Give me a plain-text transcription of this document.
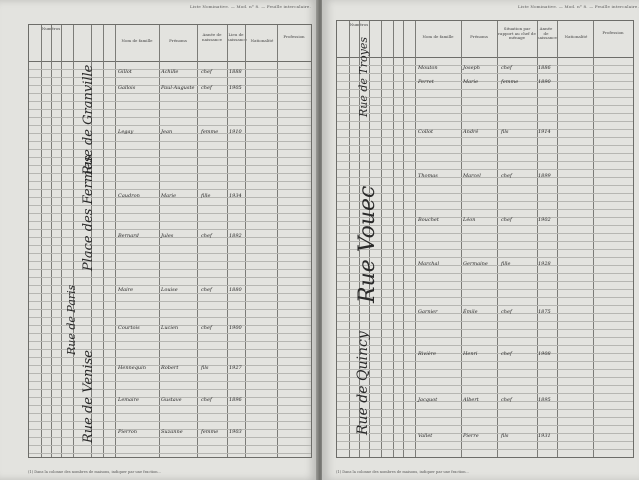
Liste Nominative. — Mod. n° 8. — Feuille intercalaire.
Numéros
Nom de famille	Prénoms
Année de naissance
Lieu de naissance Nationalité
Profession
Rue de Granville
Place des Fermes
Rue de Paris
Rue de Venise
Gillot	Achille	chef	1888
Gallois	Paul-Auguste chef	1905
Legay	Jean	femme 1910
Caudron	Marie	fille	1934
Bernard	Jules	chef	1892
Maire	Louise	chef	1880
Courtois	Lucien	chef	1900
Hennequin	Robert	fils	1927
Lemaire	Gustave	chef	1896
Pierron	Suzanne	femme 1903
(1) Dans la colonne des nombres de maisons, indiquer par une fraction...
Liste Nominative. — Mod. n° 8. — Feuille intercalaire.
Numéros
Nom de famille	Prénoms
Situation par rapport au chef de ménage
Année de naissance	Nationalité
Profession
Rue de Troyes
Rue Vouec
Rue de Quincy
Mouton	Joseph	chef	1886
Perret	Marie	femme	1890
Collot	André	fils	1914
Thomas	Marcel	chef	1899
Bouchet	Léon	chef	1902
Marchal	Germaine	fille	1928
Garnier	Émile	chef	1875
Rivière	Henri	chef	1908
Jacquot	Albert	chef	1895
Vallet	Pierre	fils	1931
(1) Dans la colonne des nombres de maisons, indiquer par une fraction...
